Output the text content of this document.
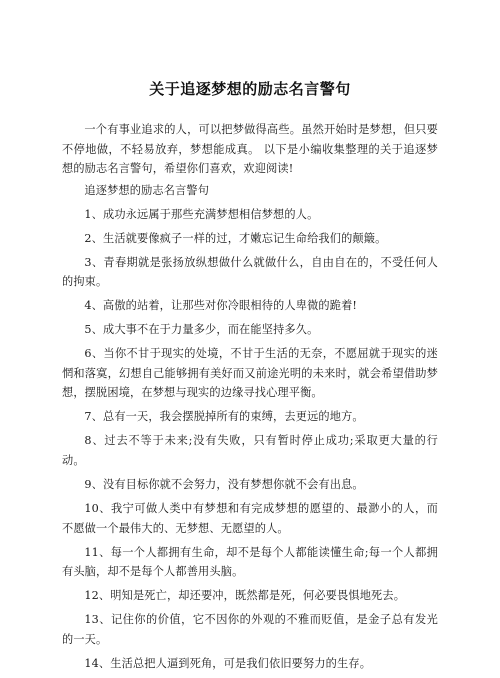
关于追逐梦想的励志名言警句

一个有事业追求的人，可以把梦做得高些。虽然开始时是梦想，但只要不停地做，不轻易放弃，梦想能成真。 以下是小编收集整理的关于追逐梦想的励志名言警句，希望你们喜欢，欢迎阅读!

追逐梦想的励志名言警句

1、成功永远属于那些充满梦想相信梦想的人。

2、生活就要像疯子一样的过，才嫩忘记生命给我们的颠簸。

3、青春期就是张扬放纵想做什么就做什么，自由自在的，不受任何人的拘束。

4、高傲的站着，让那些对你冷眼相待的人卑微的跪着!

5、成大事不在于力量多少，而在能坚持多久。

6、当你不甘于现实的处境，不甘于生活的无奈，不愿屈就于现实的迷惘和落寞，幻想自己能够拥有美好而又前途光明的未来时，就会希望借助梦想，摆脱困境，在梦想与现实的边缘寻找心理平衡。

7、总有一天，我会摆脱掉所有的束缚，去更远的地方。

8、过去不等于未来;没有失败，只有暂时停止成功;采取更大量的行动。

9、没有目标你就不会努力，没有梦想你就不会有出息。

10、我宁可做人类中有梦想和有完成梦想的愿望的、最渺小的人，而不愿做一个最伟大的、无梦想、无愿望的人。

11、每一个人都拥有生命，却不是每个人都能读懂生命;每一个人都拥有头脑，却不是每个人都善用头脑。

12、明知是死亡，却还要冲，既然都是死，何必要畏惧地死去。

13、记住你的价值，它不因你的外观的不雅而贬值，是金子总有发光的一天。

14、生活总把人逼到死角，可是我们依旧要努力的生存。
